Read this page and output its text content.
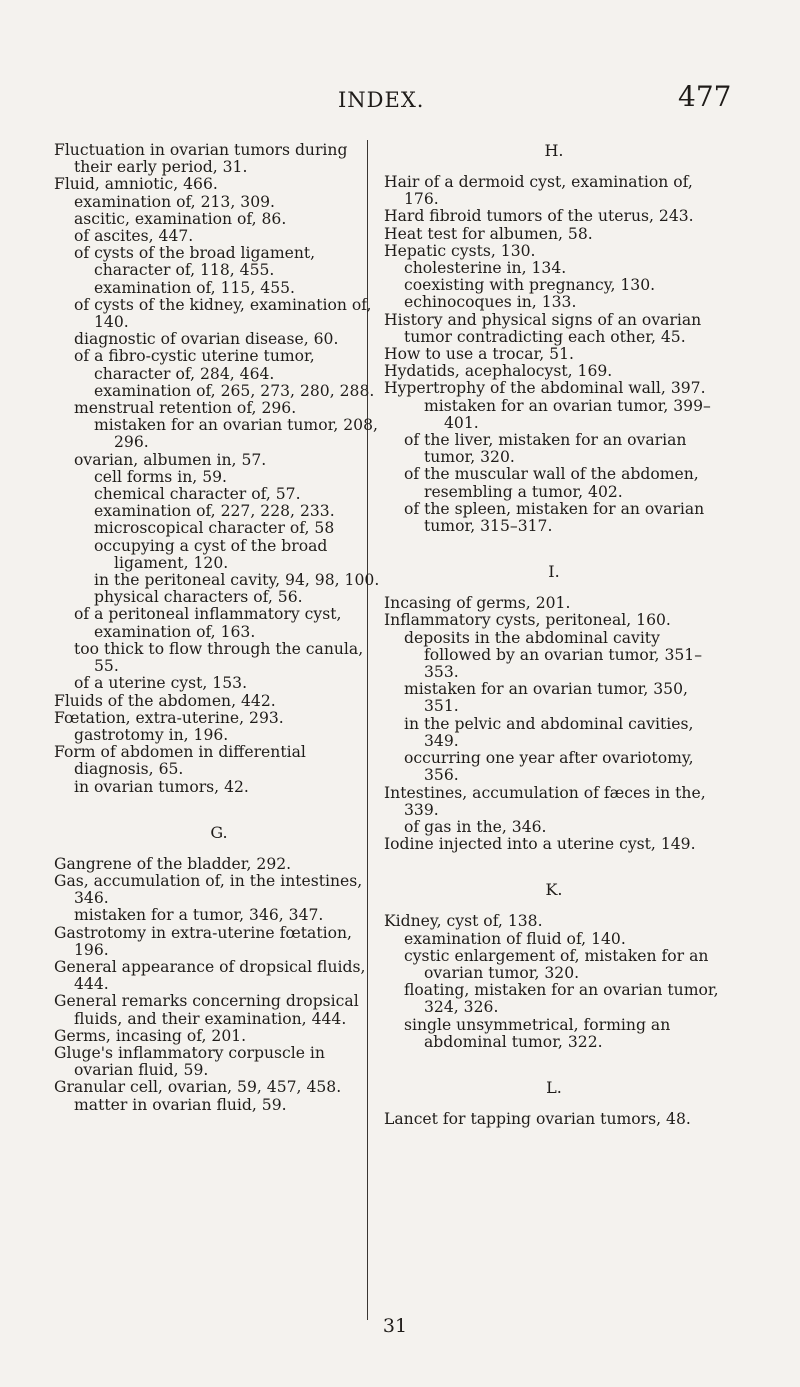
INDEX.	477

Fluctuation in ovarian tumors during their early period, 31.

Fluid, amniotic, 466.

examination of, 213, 309.

ascitic, examination of, 86.

of ascites, 447.

of cysts of the broad ligament, character of, 118, 455.

examination of, 115, 455.

of cysts of the kidney, examination of, 140.

diagnostic of ovarian disease, 60.

of a fibro-cystic uterine tumor, character of, 284, 464.

examination of, 265, 273, 280, 288.

menstrual retention of, 296.

mistaken for an ovarian tumor, 208, 296.

ovarian, albumen in, 57.

cell forms in, 59.

chemical character of, 57.

examination of, 227, 228, 233.

microscopical character of, 58

occupying a cyst of the broad ligament, 120.

in the peritoneal cavity, 94, 98, 100.

physical characters of, 56.

of a peritoneal inflammatory cyst, examination of, 163.

too thick to flow through the canula, 55.

of a uterine cyst, 153.

Fluids of the abdomen, 442.

Fœtation, extra-uterine, 293.

gastrotomy in, 196.

Form of abdomen in differential diagnosis, 65.

in ovarian tumors, 42.

G.

Gangrene of the bladder, 292.

Gas, accumulation of, in the intestines, 346.

mistaken for a tumor, 346, 347.

Gastrotomy in extra-uterine fœtation, 196.

General appearance of dropsical fluids, 444.

General remarks concerning dropsical fluids, and their examination, 444.

Germs, incasing of, 201.

Gluge's inflammatory corpuscle in ovarian fluid, 59.

Granular cell, ovarian, 59, 457, 458.

matter in ovarian fluid, 59.

H.

Hair of a dermoid cyst, examination of, 176.

Hard fibroid tumors of the uterus, 243.

Heat test for albumen, 58.

Hepatic cysts, 130.

cholesterine in, 134.

coexisting with pregnancy, 130.

echinocoques in, 133.

History and physical signs of an ovarian tumor contradicting each other, 45.

How to use a trocar, 51.

Hydatids, acephalocyst, 169.

Hypertrophy of the abdominal wall, 397.

mistaken for an ovarian tumor, 399–401.

of the liver, mistaken for an ovarian tumor, 320.

of the muscular wall of the abdomen, resembling a tumor, 402.

of the spleen, mistaken for an ovarian tumor, 315–317.

I.

Incasing of germs, 201.

Inflammatory cysts, peritoneal, 160.

deposits in the abdominal cavity followed by an ovarian tumor, 351–353.

mistaken for an ovarian tumor, 350, 351.

in the pelvic and abdominal cavities, 349.

occurring one year after ovariotomy, 356.

Intestines, accumulation of fæces in the, 339.

of gas in the, 346.

Iodine injected into a uterine cyst, 149.

K.

Kidney, cyst of, 138.

examination of fluid of, 140.

cystic enlargement of, mistaken for an ovarian tumor, 320.

floating, mistaken for an ovarian tumor, 324, 326.

single unsymmetrical, forming an abdominal tumor, 322.

L.

Lancet for tapping ovarian tumors, 48.

31
